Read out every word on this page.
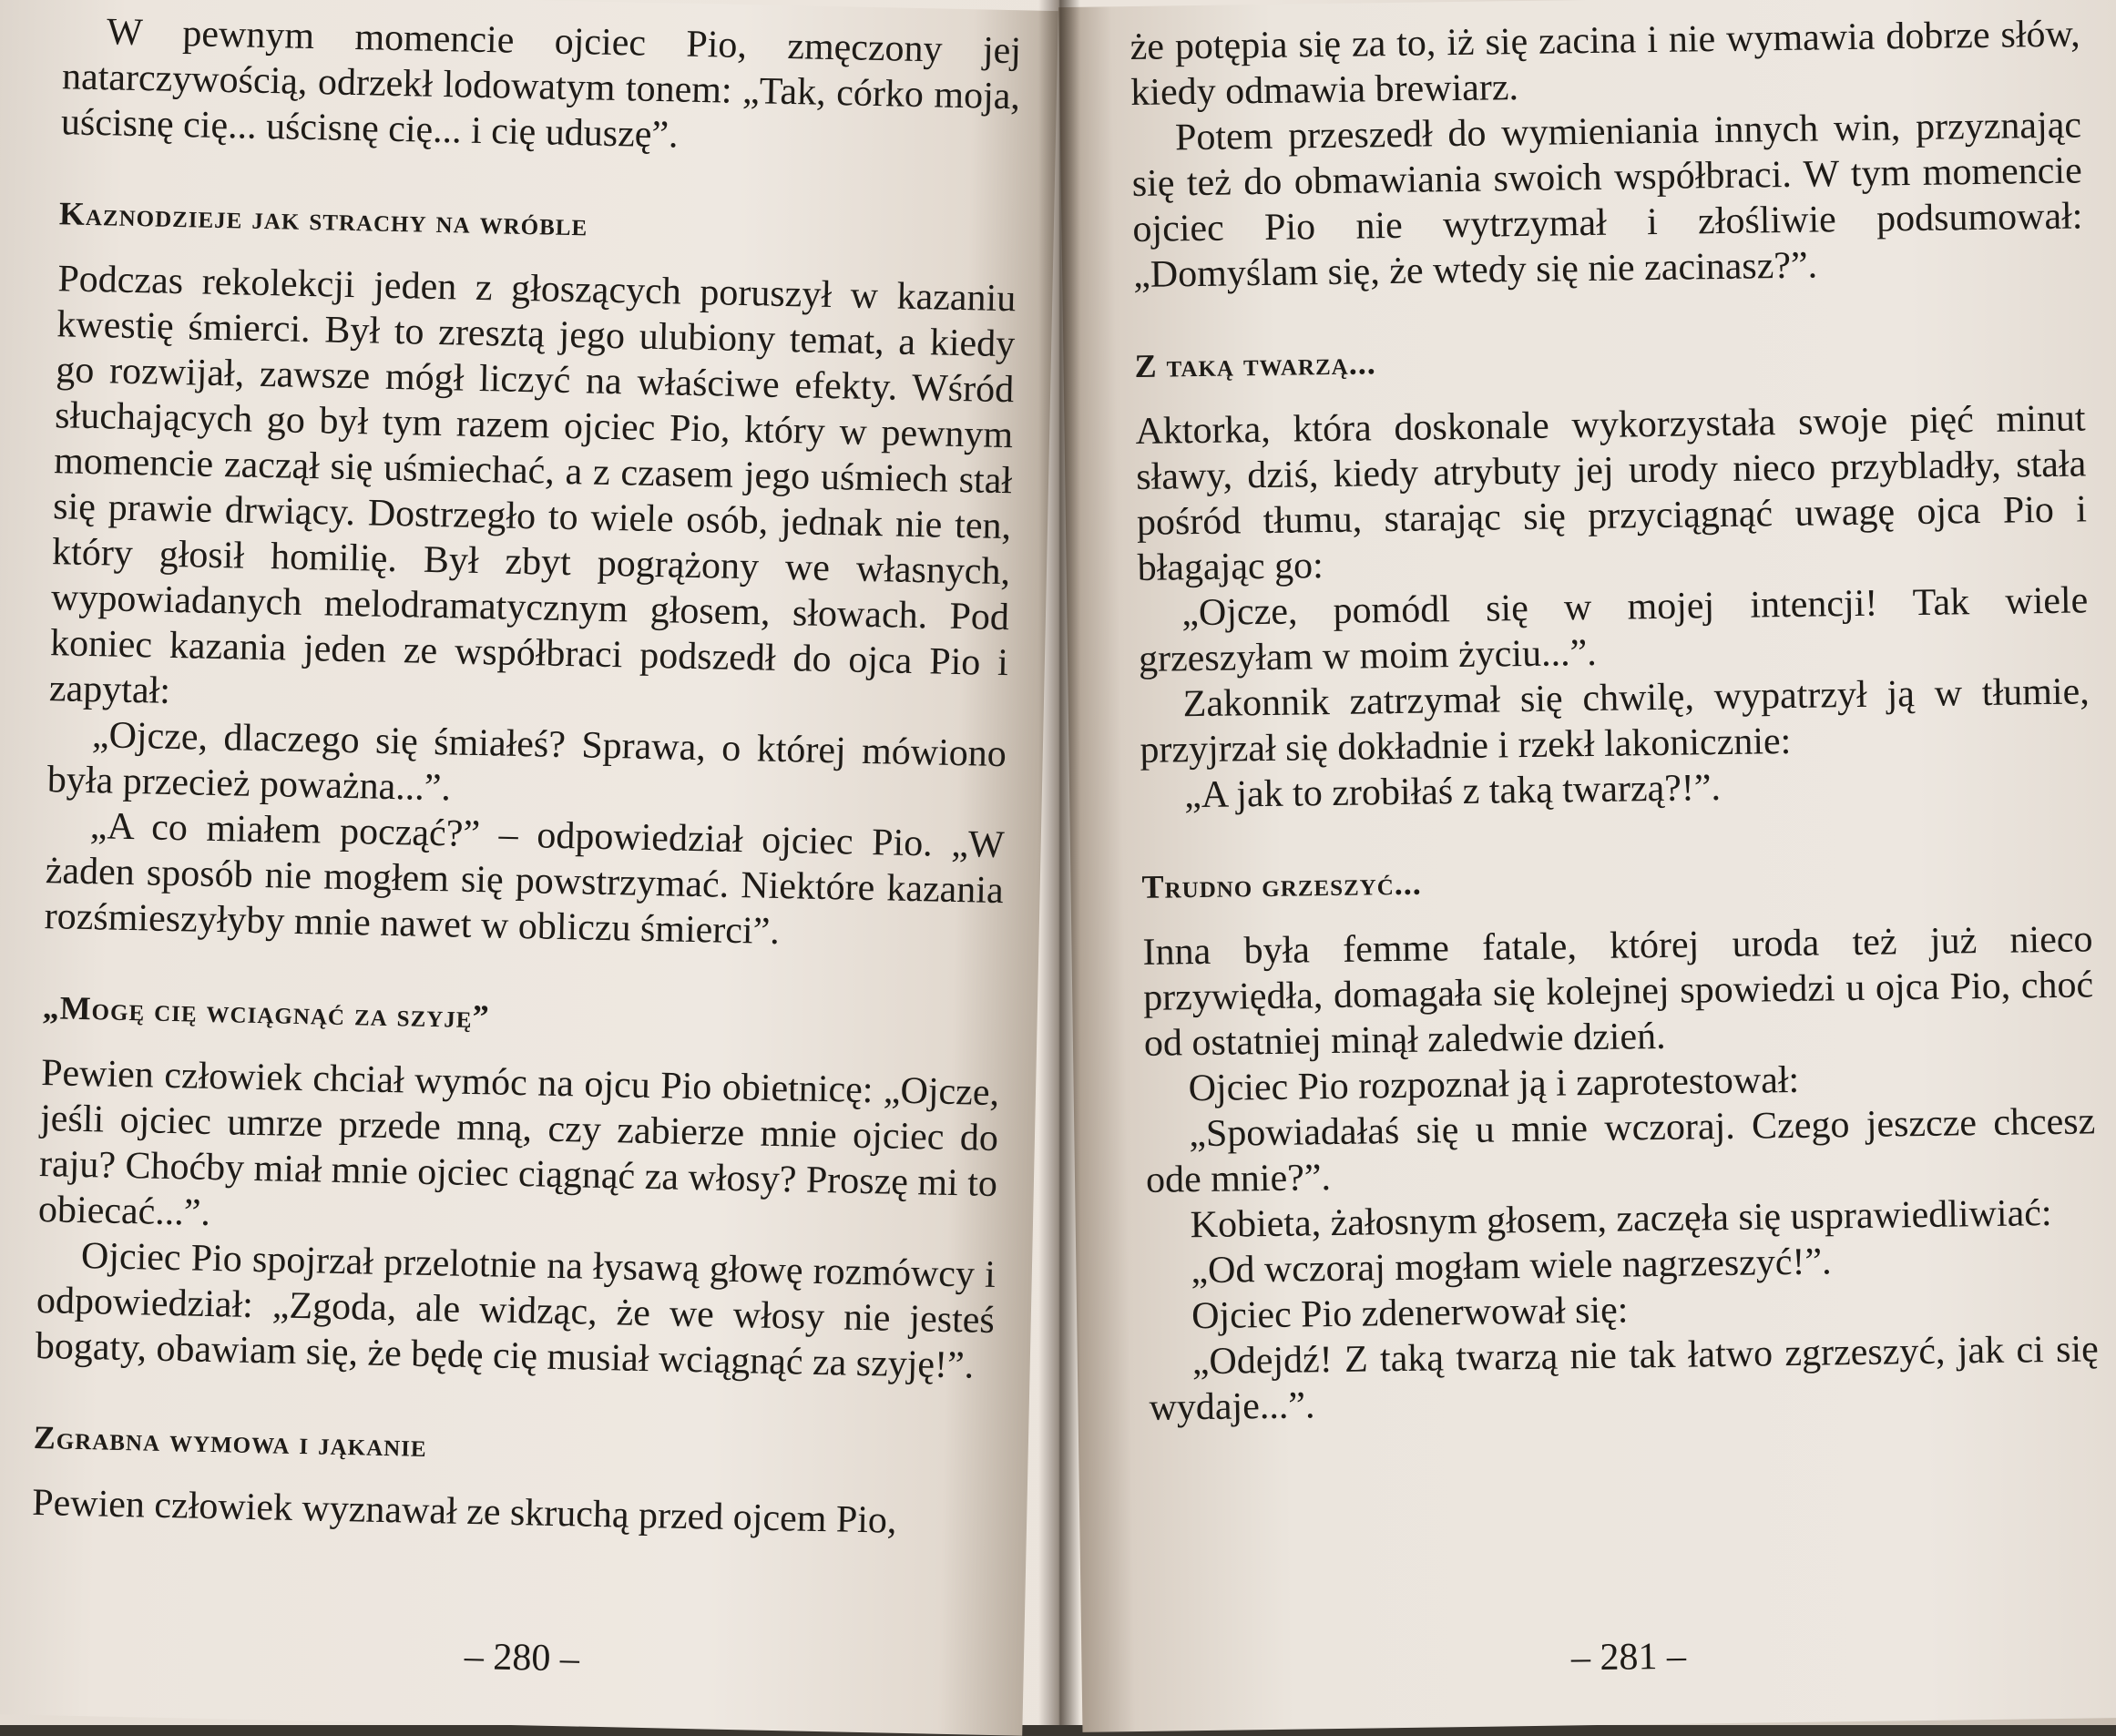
W pewnym momencie ojciec Pio, zmęczony jej natarczywością, odrzekł lodowatym tonem: „Tak, córko moja, uścisnę cię... uścisnę cię... i cię uduszę”.

Kaznodzieje jak strachy na wróble

Podczas rekolekcji jeden z głoszących poruszył w kazaniu kwestię śmierci. Był to zresztą jego ulubiony temat, a kiedy go rozwijał, zawsze mógł liczyć na właściwe efekty. Wśród słuchających go był tym razem ojciec Pio, który w pewnym momencie zaczął się uśmiechać, a z czasem jego uśmiech stał się prawie drwiący. Dostrzegło to wiele osób, jednak nie ten, który głosił homilię. Był zbyt pogrążony we własnych, wypowiadanych melodramatycznym głosem, słowach. Pod koniec kazania jeden ze współbraci podszedł do ojca Pio i zapytał:

„Ojcze, dlaczego się śmiałeś? Sprawa, o której mówiono była przecież poważna...”.

„A co miałem począć?” – odpowiedział ojciec Pio. „W żaden sposób nie mogłem się powstrzymać. Niektóre kazania rozśmieszyłyby mnie nawet w obliczu śmierci”.

„Mogę cię wciągnąć za szyję”

Pewien człowiek chciał wymóc na ojcu Pio obietnicę: „Ojcze, jeśli ojciec umrze przede mną, czy zabierze mnie ojciec do raju? Choćby miał mnie ojciec ciągnąć za włosy? Proszę mi to obiecać...”.

Ojciec Pio spojrzał przelotnie na łysawą głowę rozmówcy i odpowiedział: „Zgoda, ale widząc, że we włosy nie jesteś bogaty, obawiam się, że będę cię musiał wciągnąć za szyję!”.

Zgrabna wymowa i jąkanie

Pewien człowiek wyznawał ze skruchą przed ojcem Pio,

– 280 –

że potępia się za to, iż się zacina i nie wymawia dobrze słów, kiedy odmawia brewiarz.

Potem przeszedł do wymieniania innych win, przyznając się też do obmawiania swoich współbraci. W tym momencie ojciec Pio nie wytrzymał i złośliwie podsumował: „Domyślam się, że wtedy się nie zacinasz?”.

Z taką twarzą...

Aktorka, która doskonale wykorzystała swoje pięć minut sławy, dziś, kiedy atrybuty jej urody nieco przybladły, stała pośród tłumu, starając się przyciągnąć uwagę ojca Pio i błagając go:

„Ojcze, pomódl się w mojej intencji! Tak wiele grzeszyłam w moim życiu...”.

Zakonnik zatrzymał się chwilę, wypatrzył ją w tłumie, przyjrzał się dokładnie i rzekł lakonicznie:

„A jak to zrobiłaś z taką twarzą?!”.

Trudno grzeszyć...

Inna była femme fatale, której uroda też już nieco przywiędła, domagała się kolejnej spowiedzi u ojca Pio, choć od ostatniej minął zaledwie dzień.

Ojciec Pio rozpoznał ją i zaprotestował:

„Spowiadałaś się u mnie wczoraj. Czego jeszcze chcesz ode mnie?”.

Kobieta, żałosnym głosem, zaczęła się usprawiedliwiać:

„Od wczoraj mogłam wiele nagrzeszyć!”.

Ojciec Pio zdenerwował się:

„Odejdź! Z taką twarzą nie tak łatwo zgrzeszyć, jak ci się wydaje...”.

– 281 –
